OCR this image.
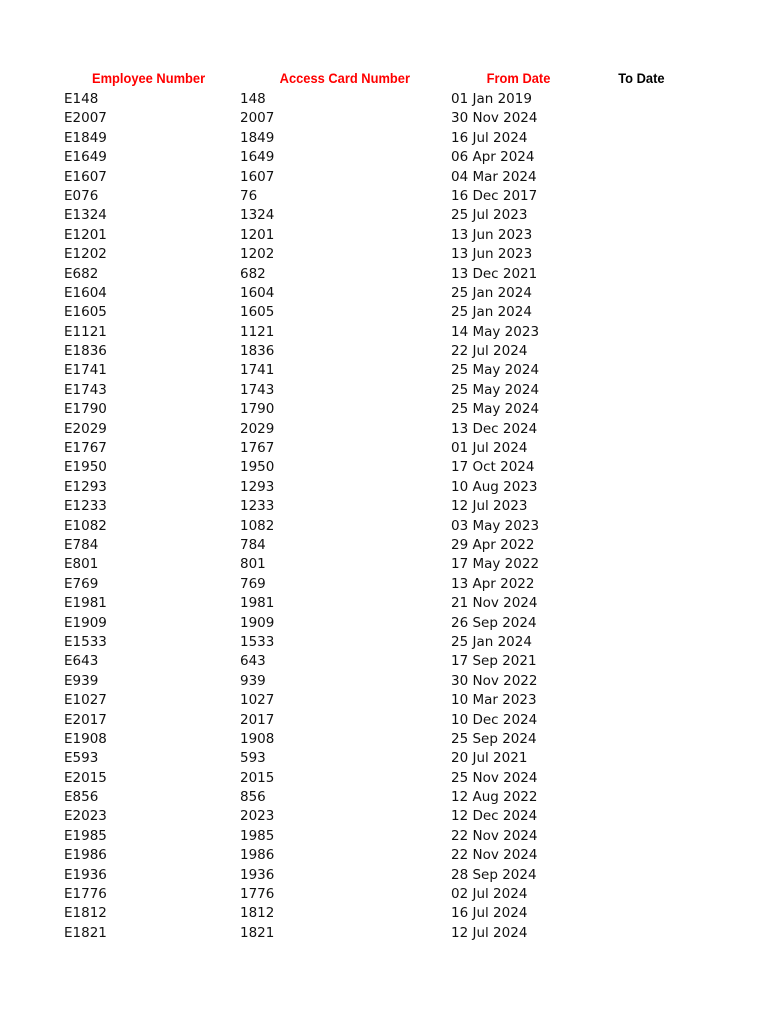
Employee Number	Access Card Number	From Date	To Date
E148	148	01 Jan 2019
E2007	2007	30 Nov 2024
E1849	1849	16 Jul 2024
E1649	1649	06 Apr 2024
E1607	1607	04 Mar 2024
E076	76	16 Dec 2017
E1324	1324	25 Jul 2023
E1201	1201	13 Jun 2023
E1202	1202	13 Jun 2023
E682	682	13 Dec 2021
E1604	1604	25 Jan 2024
E1605	1605	25 Jan 2024
E1121	1121	14 May 2023
E1836	1836	22 Jul 2024
E1741	1741	25 May 2024
E1743	1743	25 May 2024
E1790	1790	25 May 2024
E2029	2029	13 Dec 2024
E1767	1767	01 Jul 2024
E1950	1950	17 Oct 2024
E1293	1293	10 Aug 2023
E1233	1233	12 Jul 2023
E1082	1082	03 May 2023
E784	784	29 Apr 2022
E801	801	17 May 2022
E769	769	13 Apr 2022
E1981	1981	21 Nov 2024
E1909	1909	26 Sep 2024
E1533	1533	25 Jan 2024
E643	643	17 Sep 2021
E939	939	30 Nov 2022
E1027	1027	10 Mar 2023
E2017	2017	10 Dec 2024
E1908	1908	25 Sep 2024
E593	593	20 Jul 2021
E2015	2015	25 Nov 2024
E856	856	12 Aug 2022
E2023	2023	12 Dec 2024
E1985	1985	22 Nov 2024
E1986	1986	22 Nov 2024
E1936	1936	28 Sep 2024
E1776	1776	02 Jul 2024
E1812	1812	16 Jul 2024
E1821	1821	12 Jul 2024
